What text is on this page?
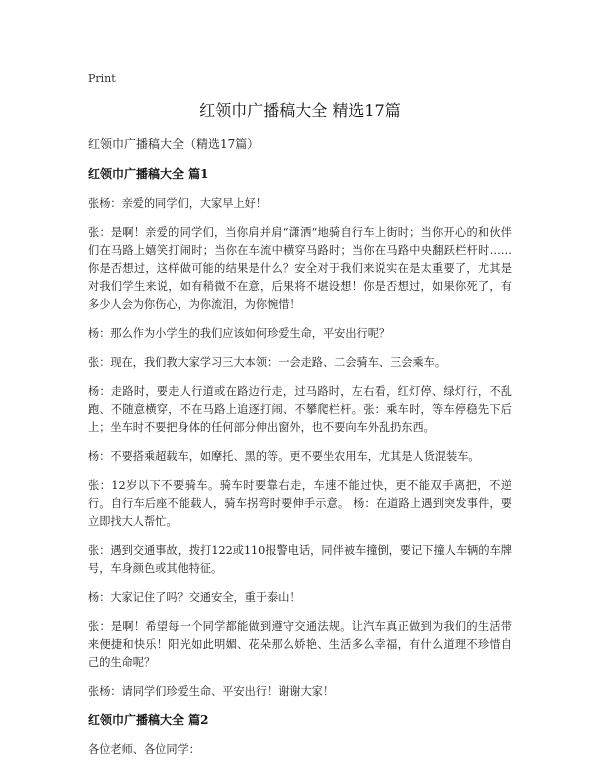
Print
红领巾广播稿大全 精选17篇
红领巾广播稿大全（精选17篇）
红领巾广播稿大全 篇1

张杨：亲爱的同学们，大家早上好！

张：是啊！亲爱的同学们，当你肩并肩“潇洒”地骑自行车上街时；当你开心的和伙伴们在马路上嬉笑打闹时；当你在车流中横穿马路时；当你在马路中央翻跃栏杆时……你是否想过，这样做可能的结果是什么？安全对于我们来说实在是太重要了，尤其是对我们学生来说，如有稍微不在意，后果将不堪设想！你是否想过，如果你死了，有多少人会为你伤心，为你流泪，为你惋惜！

杨：那么作为小学生的我们应该如何珍爱生命，平安出行呢？

张：现在，我们教大家学习三大本领：一会走路、二会骑车、三会乘车。

杨：走路时，要走人行道或在路边行走，过马路时，左右看，红灯停、绿灯行，不乱跑、不随意横穿，不在马路上追逐打闹、不攀爬栏杆。张：乘车时，等车停稳先下后上；坐车时不要把身体的任何部分伸出窗外，也不要向车外乱扔东西。

杨：不要搭乘超载车，如摩托、黑的等。更不要坐农用车，尤其是人货混装车。

张：12岁以下不要骑车。骑车时要靠右走，车速不能过快，更不能双手离把，不逆行。自行车后座不能载人，骑车拐弯时要伸手示意。 杨：在道路上遇到突发事件，要立即找大人帮忙。

张：遇到交通事故，拨打122或110报警电话，同伴被车撞倒，要记下撞人车辆的车牌号，车身颜色或其他特征。

杨：大家记住了吗？交通安全，重于泰山！

张：是啊！希望每一个同学都能做到遵守交通法规。让汽车真正做到为我们的生活带来便捷和快乐！阳光如此明媚、花朵那么娇艳、生活多么幸福，有什么道理不珍惜自己的生命呢？

张杨：请同学们珍爱生命、平安出行！谢谢大家！

红领巾广播稿大全 篇2

各位老师、各位同学：
